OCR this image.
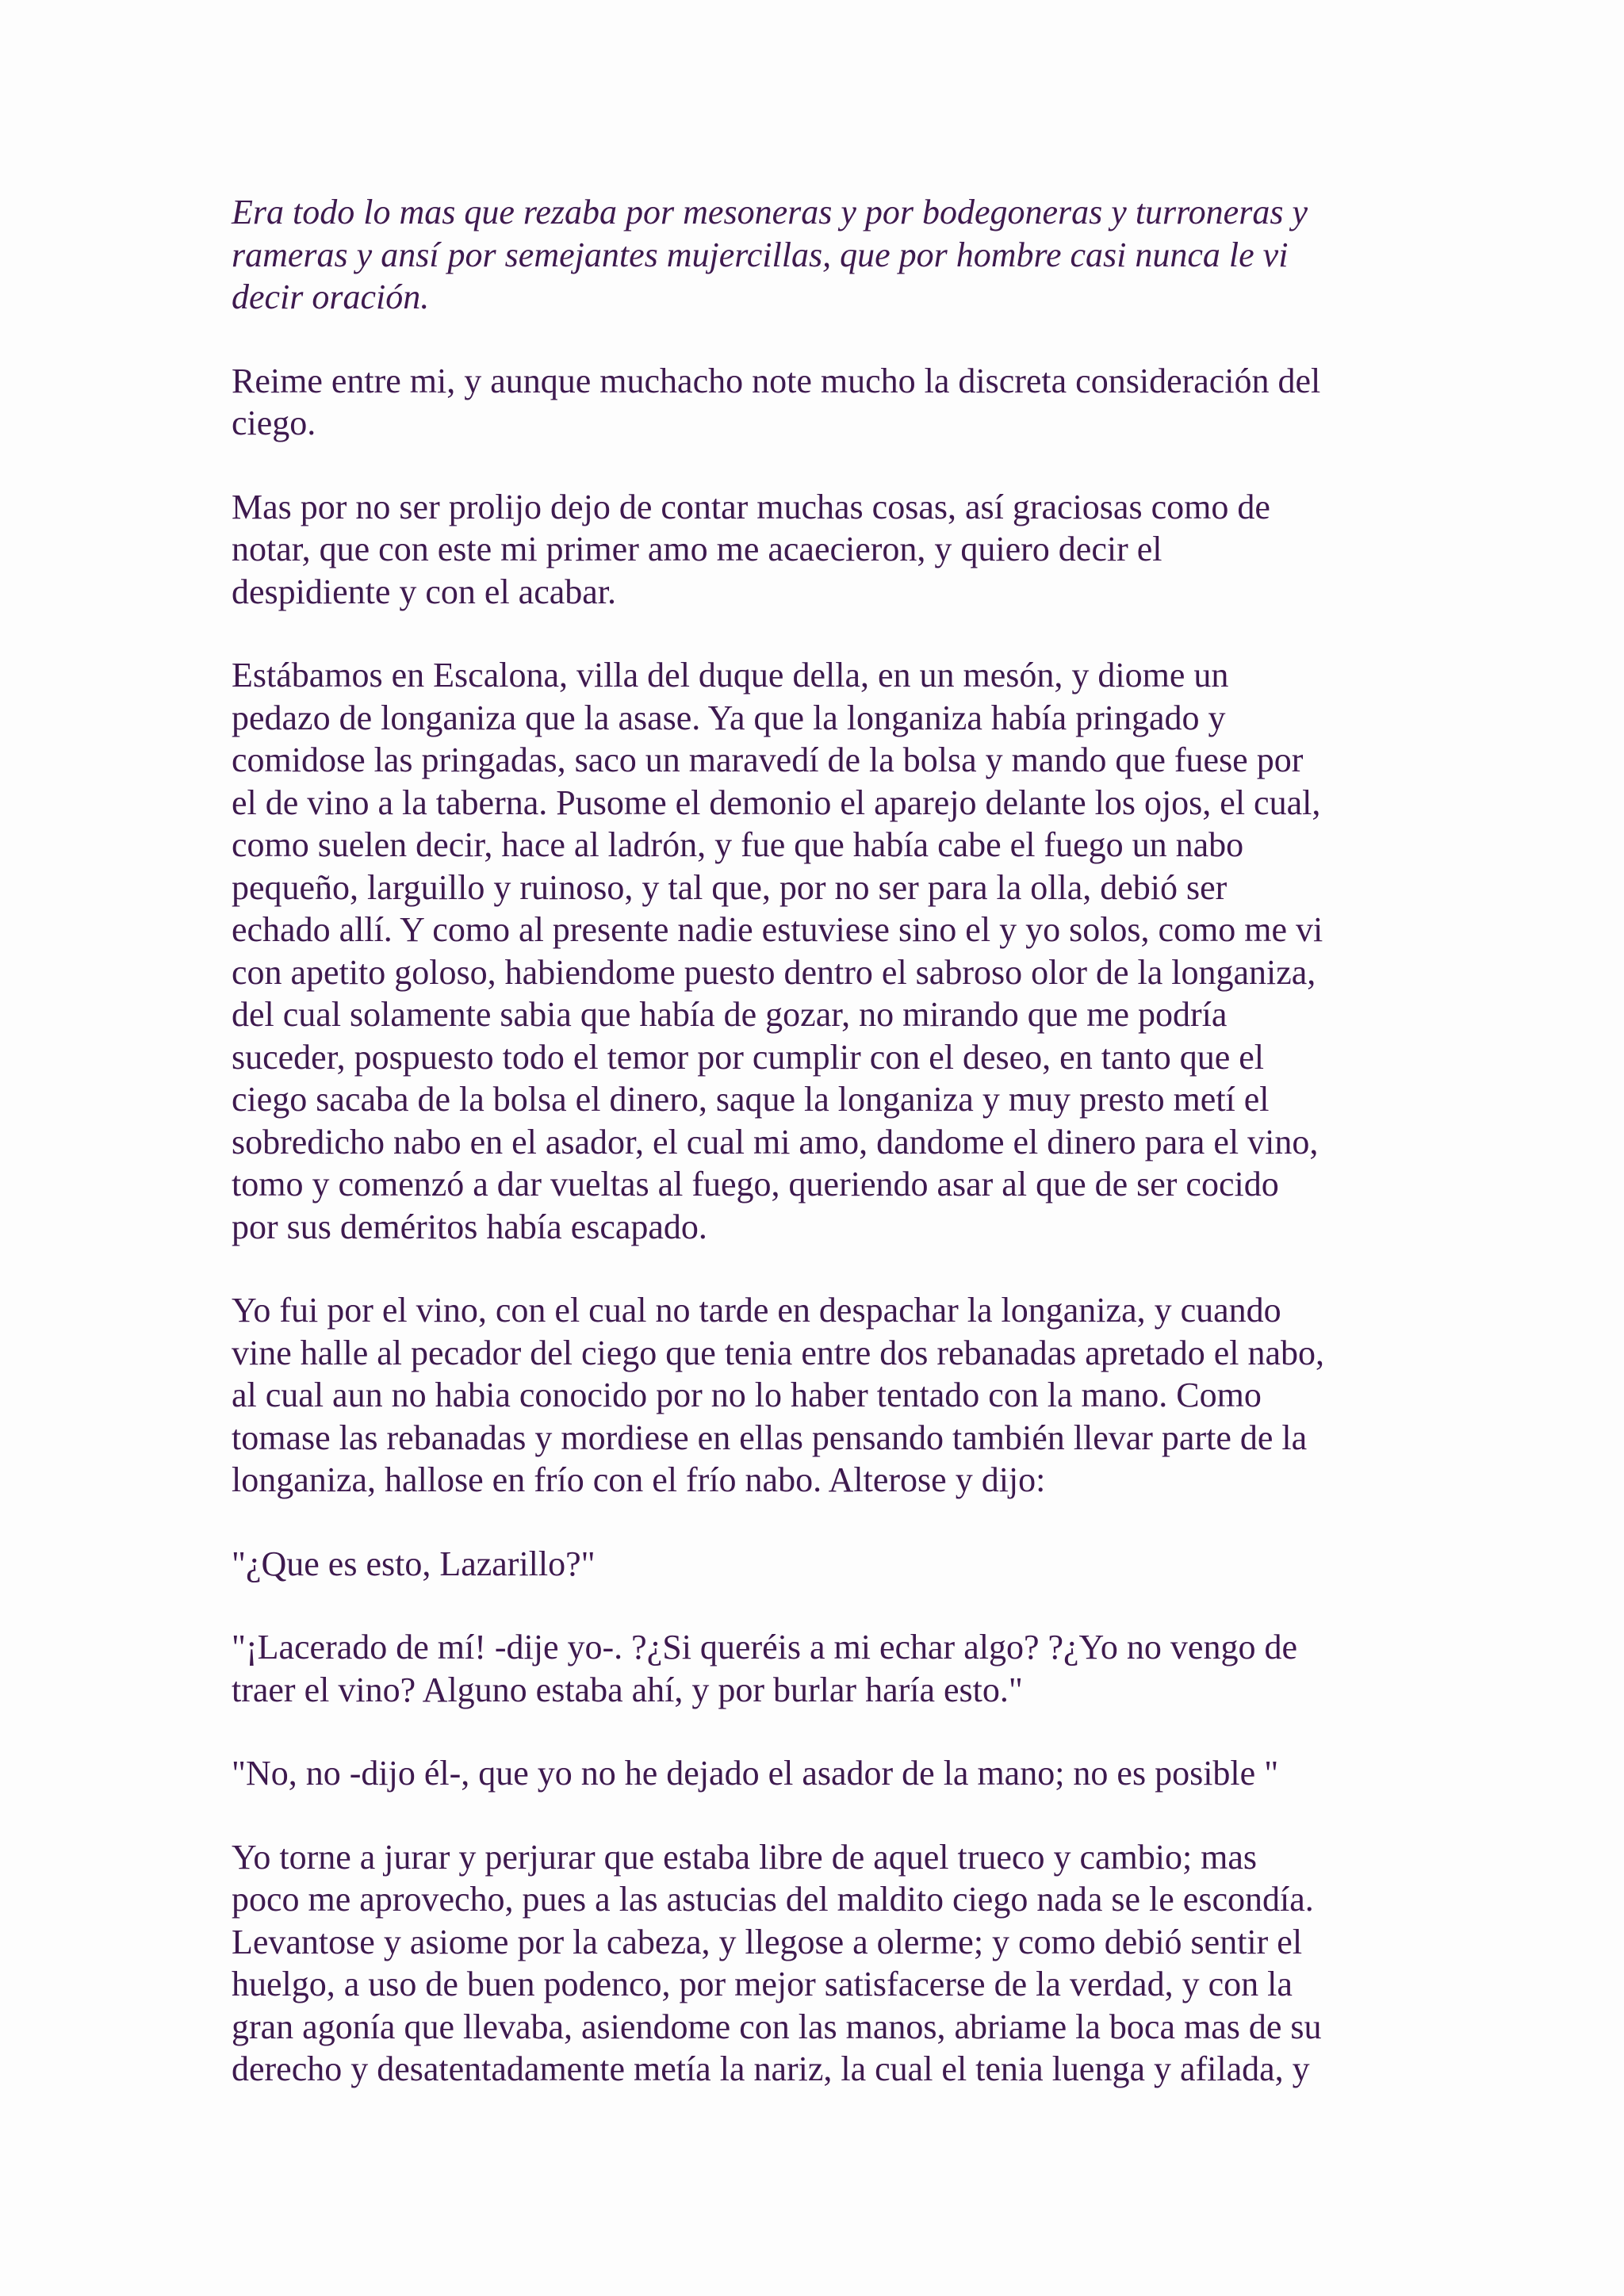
Era todo lo mas que rezaba por mesoneras y por bodegoneras y turroneras y
rameras y ansí por semejantes mujercillas, que por hombre casi nunca le vi
decir oración.

Reime entre mi, y aunque muchacho note mucho la discreta consideración del
ciego.

Mas por no ser prolijo dejo de contar muchas cosas, así graciosas como de
notar, que con este mi primer amo me acaecieron, y quiero decir el
despidiente y con el acabar.

Estábamos en Escalona, villa del duque della, en un mesón, y diome un
pedazo de longaniza que la asase. Ya que la longaniza había pringado y
comidose las pringadas, saco un maravedí de la bolsa y mando que fuese por
el de vino a la taberna. Pusome el demonio el aparejo delante los ojos, el cual,
como suelen decir, hace al ladrón, y fue que había cabe el fuego un nabo
pequeño, larguillo y ruinoso, y tal que, por no ser para la olla, debió ser
echado allí. Y como al presente nadie estuviese sino el y yo solos, como me vi
con apetito goloso, habiendome puesto dentro el sabroso olor de la longaniza,
del cual solamente sabia que había de gozar, no mirando que me podría
suceder, pospuesto todo el temor por cumplir con el deseo, en tanto que el
ciego sacaba de la bolsa el dinero, saque la longaniza y muy presto metí el
sobredicho nabo en el asador, el cual mi amo, dandome el dinero para el vino,
tomo y comenzó a dar vueltas al fuego, queriendo asar al que de ser cocido
por sus deméritos había escapado.

Yo fui por el vino, con el cual no tarde en despachar la longaniza, y cuando
vine halle al pecador del ciego que tenia entre dos rebanadas apretado el nabo,
al cual aun no habia conocido por no lo haber tentado con la mano. Como
tomase las rebanadas y mordiese en ellas pensando también llevar parte de la
longaniza, hallose en frío con el frío nabo. Alterose y dijo:

"¿Que es esto, Lazarillo?"

"¡Lacerado de mí! -dije yo-. ?¿Si queréis a mi echar algo? ?¿Yo no vengo de
traer el vino? Alguno estaba ahí, y por burlar haría esto."

"No, no -dijo él-, que yo no he dejado el asador de la mano; no es posible "

Yo torne a jurar y perjurar que estaba libre de aquel trueco y cambio; mas
poco me aprovecho, pues a las astucias del maldito ciego nada se le escondía.
Levantose y asiome por la cabeza, y llegose a olerme; y como debió sentir el
huelgo, a uso de buen podenco, por mejor satisfacerse de la verdad, y con la
gran agonía que llevaba, asiendome con las manos, abriame la boca mas de su
derecho y desatentadamente metía la nariz, la cual el tenia luenga y afilada, y
